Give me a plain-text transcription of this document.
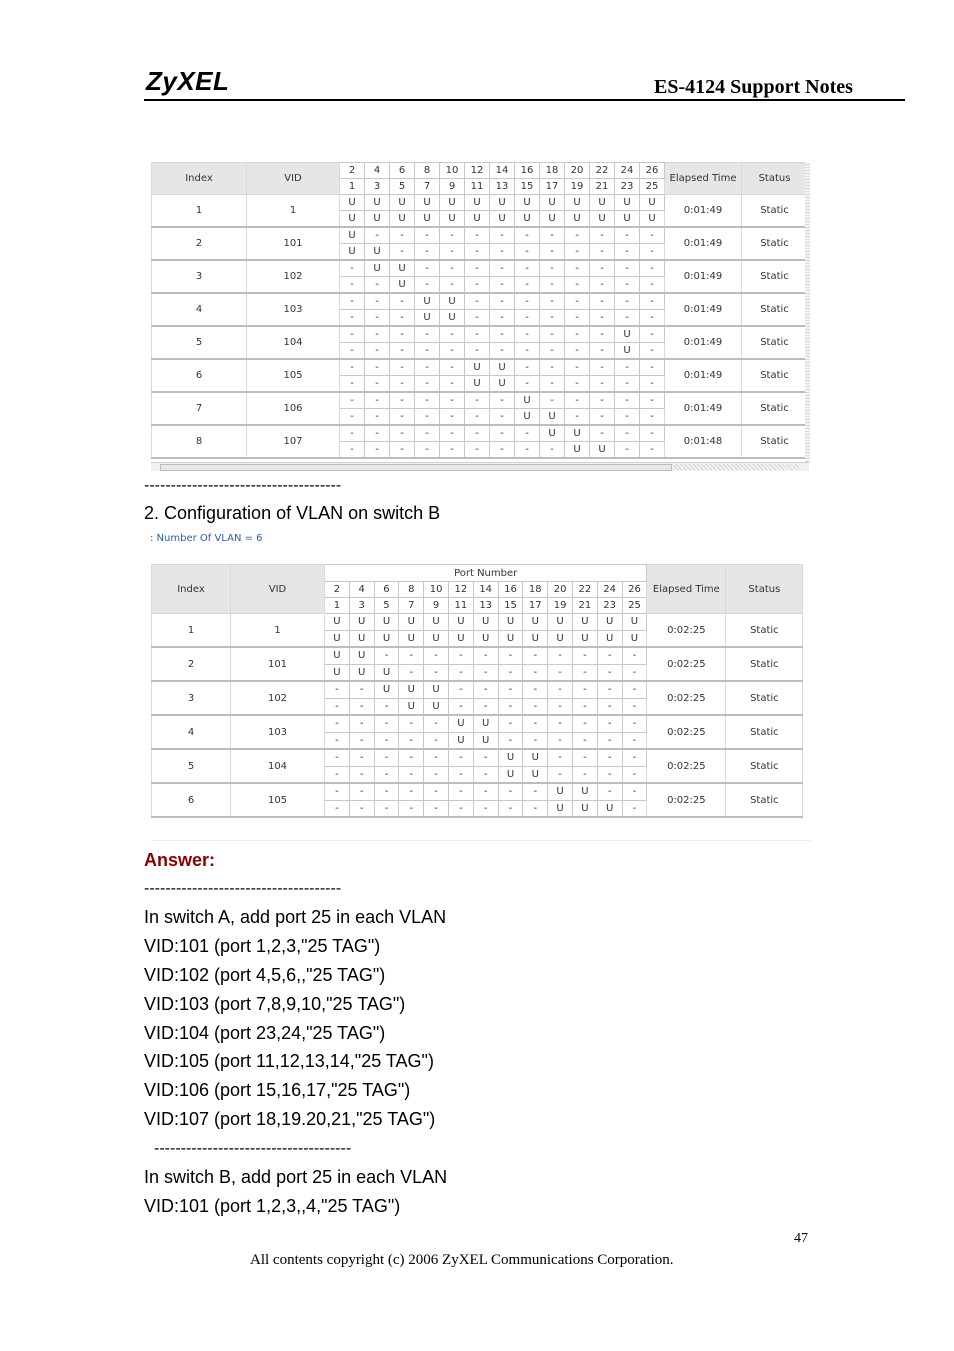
ZyXEL	ES-4124 Support Notes
Index	VID	2	4	6	8	10	12	14	16	18	20	22	24	26	Elapsed Time	Status
		1	3	5	7	9	11	13	15	17	19	21	23	25		
1	1	U	U	U	U	U	U	U	U	U	U	U	U	U	0:01:49	Static
		U	U	U	U	U	U	U	U	U	U	U	U	U		
2	101	U	-	-	-	-	-	-	-	-	-	-	-	-	0:01:49	Static
		U	U	-	-	-	-	-	-	-	-	-	-	-		
3	102	-	U	U	-	-	-	-	-	-	-	-	-	-	0:01:49	Static
		-	-	U	-	-	-	-	-	-	-	-	-	-		
4	103	-	-	-	U	U	-	-	-	-	-	-	-	-	0:01:49	Static
		-	-	-	U	U	-	-	-	-	-	-	-	-		
5	104	-	-	-	-	-	-	-	-	-	-	-	U	-	0:01:49	Static
		-	-	-	-	-	-	-	-	-	-	-	U	-		
6	105	-	-	-	-	-	U	U	-	-	-	-	-	-	0:01:49	Static
		-	-	-	-	-	U	U	-	-	-	-	-	-		
7	106	-	-	-	-	-	-	-	U	-	-	-	-	-	0:01:49	Static
		-	-	-	-	-	-	-	U	U	-	-	-	-		
8	107	-	-	-	-	-	-	-	-	U	U	-	-	-	0:01:48	Static
		-	-	-	-	-	-	-	-	-	U	U	-	-		
-------------------------------------
2. Configuration of VLAN on switch B
: Number Of VLAN = 6
Index	VID	Port Number													Elapsed Time	Status
		2	4	6	8	10	12	14	16	18	20	22	24	26		
		1	3	5	7	9	11	13	15	17	19	21	23	25		
1	1	U	U	U	U	U	U	U	U	U	U	U	U	U	0:02:25	Static
		U	U	U	U	U	U	U	U	U	U	U	U	U		
2	101	U	U	-	-	-	-	-	-	-	-	-	-	-	0:02:25	Static
		U	U	U	-	-	-	-	-	-	-	-	-	-		
3	102	-	-	U	U	U	-	-	-	-	-	-	-	-	0:02:25	Static
		-	-	-	U	U	-	-	-	-	-	-	-	-		
4	103	-	-	-	-	-	U	U	-	-	-	-	-	-	0:02:25	Static
		-	-	-	-	-	U	U	-	-	-	-	-	-		
5	104	-	-	-	-	-	-	-	U	U	-	-	-	-	0:02:25	Static
		-	-	-	-	-	-	-	U	U	-	-	-	-		
6	105	-	-	-	-	-	-	-	-	-	U	U	-	-	0:02:25	Static
		-	-	-	-	-	-	-	-	-	U	U	U	-		
Answer:
-------------------------------------
In switch A, add port 25 in each VLAN
VID:101 (port 1,2,3,"25 TAG")
VID:102 (port 4,5,6,,"25 TAG")
VID:103 (port 7,8,9,10,"25 TAG")
VID:104 (port 23,24,"25 TAG")
VID:105 (port 11,12,13,14,"25 TAG")
VID:106 (port 15,16,17,"25 TAG")
VID:107 (port 18,19.20,21,"25 TAG")
-------------------------------------
In switch B, add port 25 in each VLAN
VID:101 (port 1,2,3,,4,"25 TAG")
47
All contents copyright (c) 2006 ZyXEL Communications Corporation.
